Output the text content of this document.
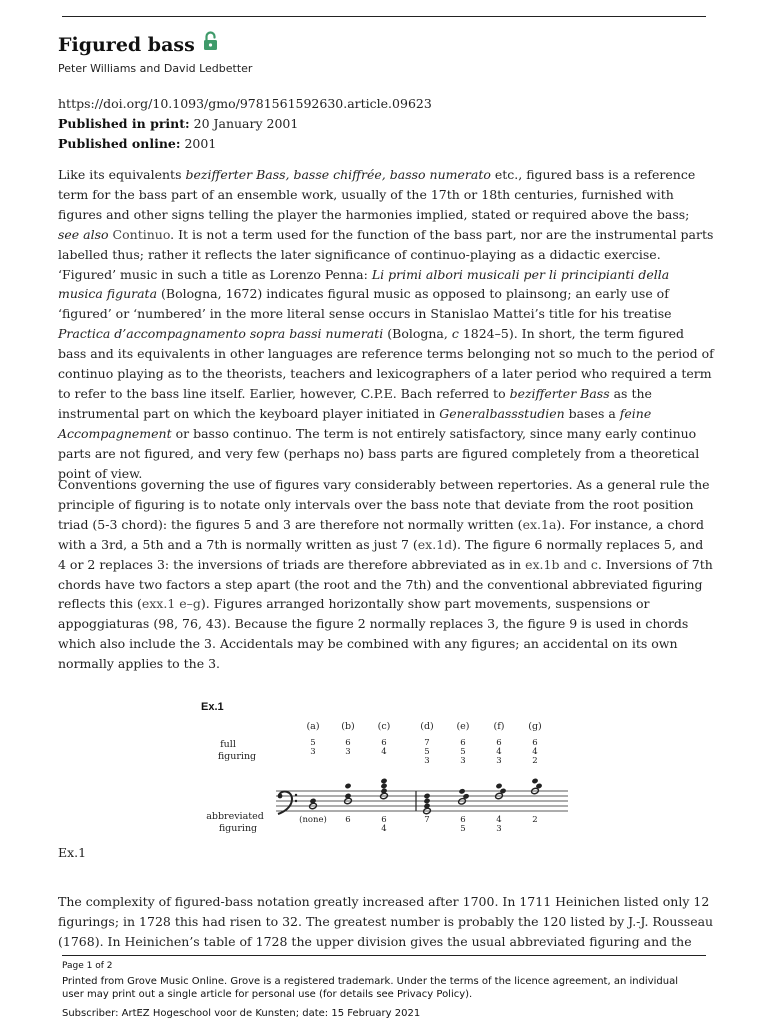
Figured bass
Peter Williams and David Ledbetter
https://doi.org/10.1093/gmo/9781561592630.article.09623
Published in print: 20 January 2001
Published online: 2001
Like its equivalents bezifferter Bass, basse chiffrée, basso numerato etc., figured bass is a reference term for the bass part of an ensemble work, usually of the 17th or 18th centuries, furnished with figures and other signs telling the player the harmonies implied, stated or required above the bass; see also Continuo. It is not a term used for the function of the bass part, nor are the instrumental parts labelled thus; rather it reflects the later significance of continuo-playing as a didactic exercise. ‘Figured’ music in such a title as Lorenzo Penna: Li primi albori musicali per li principianti della musica figurata (Bologna, 1672) indicates figural music as opposed to plainsong; an early use of ‘figured’ or ‘numbered’ in the more literal sense occurs in Stanislao Mattei’s title for his treatise Practica d’accompagnamento sopra bassi numerati (Bologna, c 1824–5). In short, the term figured bass and its equivalents in other languages are reference terms belonging not so much to the period of continuo playing as to the theorists, teachers and lexicographers of a later period who required a term to refer to the bass line itself. Earlier, however, C.P.E. Bach referred to bezifferter Bass as the instrumental part on which the keyboard player initiated in Generalbassstudien bases a feine Accompagnement or basso continuo. The term is not entirely satisfactory, since many early continuo parts are not figured, and very few (perhaps no) bass parts are figured completely from a theoretical point of view.
Conventions governing the use of figures vary considerably between repertories. As a general rule the principle of figuring is to notate only intervals over the bass note that deviate from the root position triad (5-3 chord): the figures 5 and 3 are therefore not normally written (ex.1a). For instance, a chord with a 3rd, a 5th and a 7th is normally written as just 7 (ex.1d). The figure 6 normally replaces 5, and 4 or 2 replaces 3: the inversions of triads are therefore abbreviated as in ex.1b and c. Inversions of 7th chords have two factors a step apart (the root and the 7th) and the conventional abbreviated figuring reflects this (exx.1 e–g). Figures arranged horizontally show part movements, suspensions or appoggiaturas (98, 76, 43). Because the figure 2 normally replaces 3, the figure 9 is used in chords which also include the 3. Accidentals may be combined with any figures; an accidental on its own normally applies to the 3.
Ex.1
full
figuring
abbreviated
figuring
(a)
5
3
(none)
(b)
6
3
6
(c)
6
4
6
4
(d)
7
5
3
7
(e)
6
5
3
6
5
(f)
6
4
3
4
3
(g)
6
4
2
2
Ex.1
The complexity of figured-bass notation greatly increased after 1700. In 1711 Heinichen listed only 12 figurings; in 1728 this had risen to 32. The greatest number is probably the 120 listed by J.-J. Rousseau (1768). In Heinichen’s table of 1728 the upper division gives the usual abbreviated figuring and the
Page 1 of 2
Printed from Grove Music Online. Grove is a registered trademark. Under the terms of the licence agreement, an individual user may print out a single article for personal use (for details see Privacy Policy).
Subscriber: ArtEZ Hogeschool voor de Kunsten; date: 15 February 2021
